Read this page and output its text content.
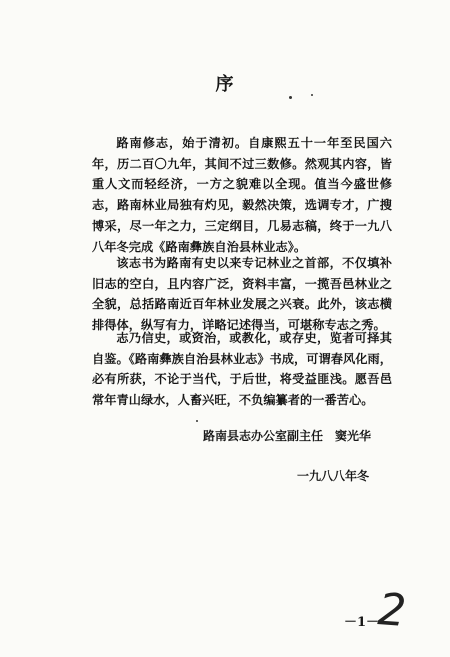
序

路南修志，始于清初。自康熙五十一年至民国六年，历二百〇九年，其间不过三数修。然观其内容，皆重人文而轻经济，一方之貌难以全现。值当今盛世修志，路南林业局独有灼见，毅然决策，选调专才，广搜博采，尽一年之力，三定纲目，几易志稿，终于一九八八年冬完成《路南彝族自治县林业志》。

该志书为路南有史以来专记林业之首部，不仅填补旧志的空白，且内容广泛，资料丰富，一揽吾邑林业之全貌，总括路南近百年林业发展之兴衰。此外，该志横排得体，纵写有力，详略记述得当，可堪称专志之秀。

志乃信史，或资治，或教化，或存史，览者可择其自鉴。《路南彝族自治县林业志》书成，可谓春风化雨，必有所获，不论于当代，于后世，将受益匪浅。愿吾邑常年青山绿水，人畜兴旺，不负编纂者的一番苦心。

路南县志办公室副主任　窦光华
一九八八年冬
－1－
2
